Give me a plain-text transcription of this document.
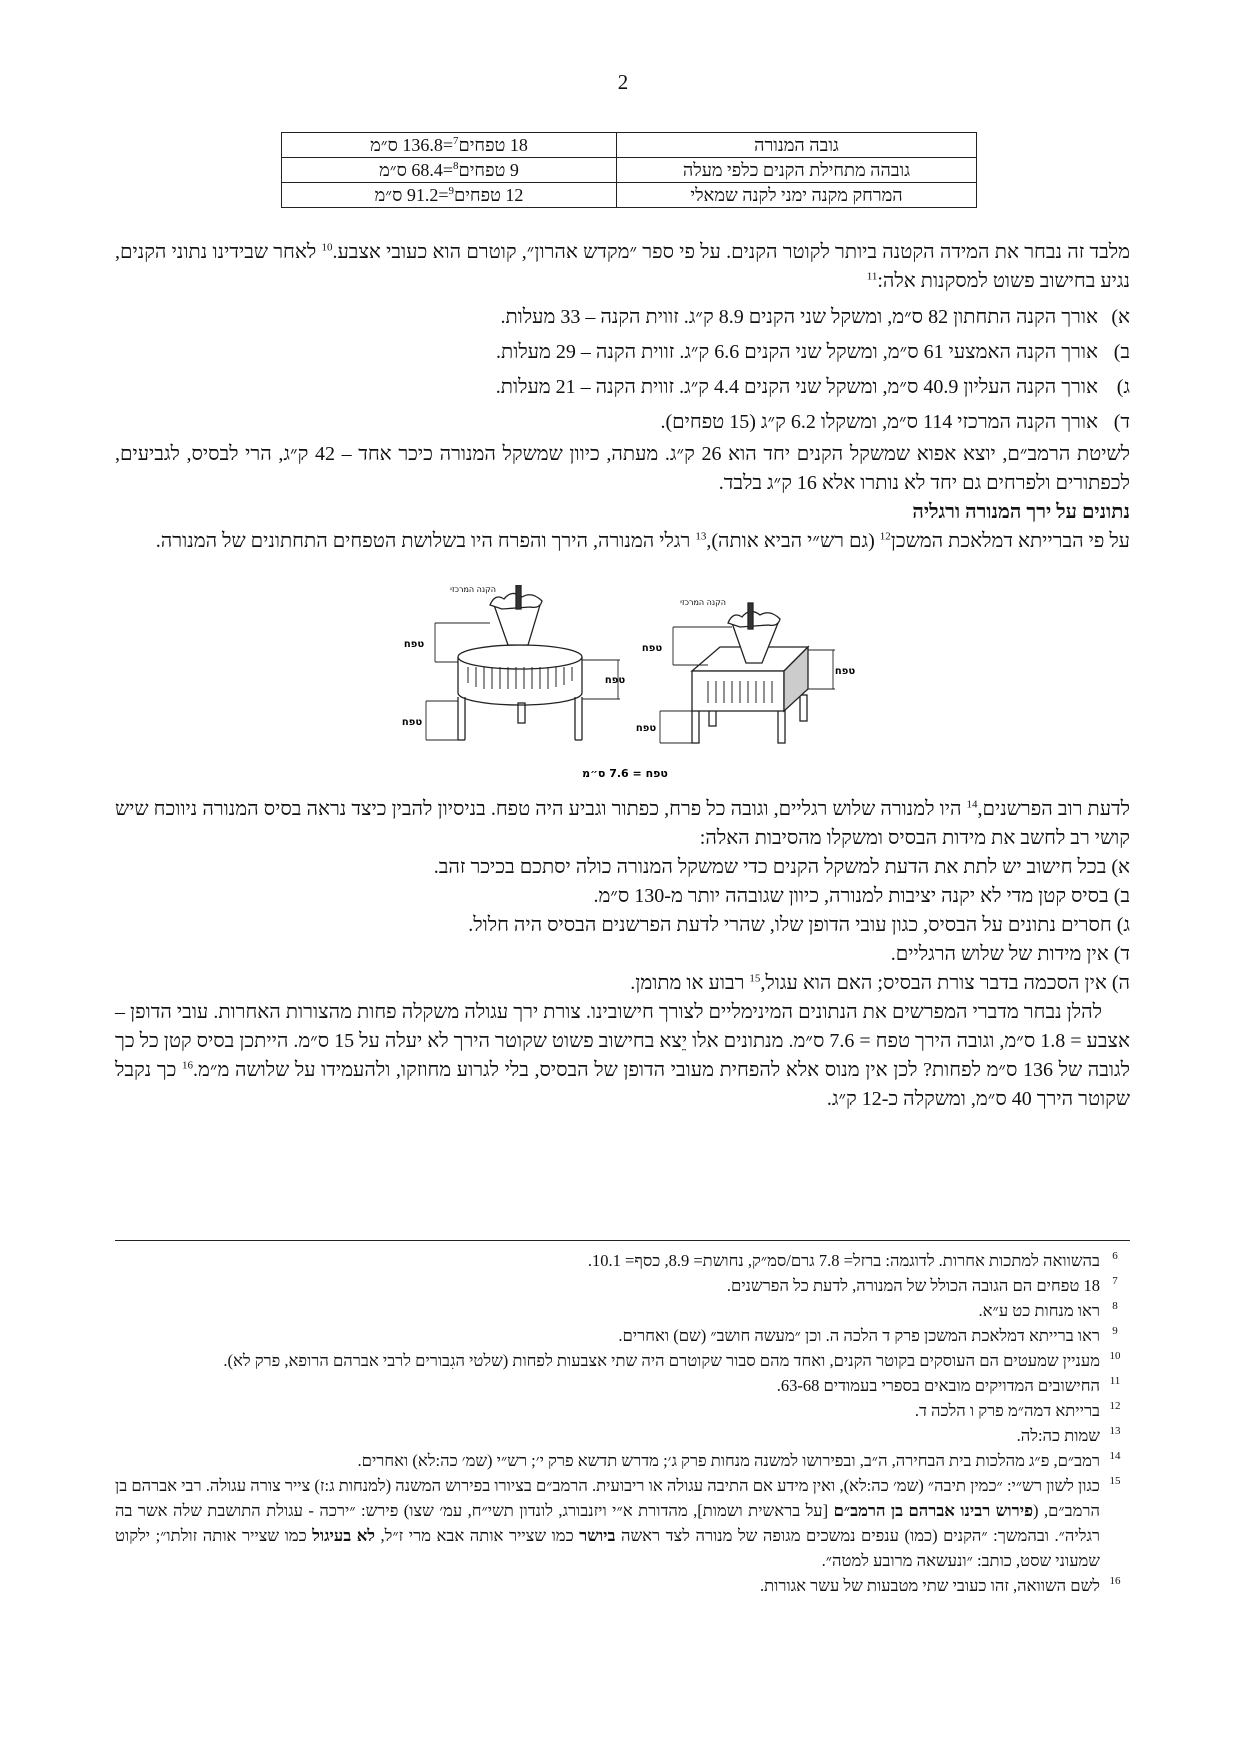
2
גובה המנורה	18 טפחים$^7$=136.8 ס״מ
גובהה מתחילת הקנים כלפי מעלה	9 טפחים$^8$=68.4 ס״מ
המרחק מקנה ימני לקנה שמאלי	12 טפחים$^9$=91.2 ס״מ

מלבד זה נבחר את המידה הקטנה ביותר לקוטר הקנים. על פי ספר ״מקדש אהרון״, קוטרם הוא כעובי אצבע.$^{10}$ לאחר שבידינו נתוני הקנים, נגיע בחישוב פשוט למסקנות אלה:$^{11}$

א)אורך הקנה התחתון 82 ס״מ, ומשקל שני הקנים 8.9 ק״ג. זווית הקנה – 33 מעלות.

ב)אורך הקנה האמצעי 61 ס״מ, ומשקל שני הקנים 6.6 ק״ג. זווית הקנה – 29 מעלות.

ג)אורך הקנה העליון 40.9 ס״מ, ומשקל שני הקנים 4.4 ק״ג. זווית הקנה – 21 מעלות.

ד)אורך הקנה המרכזי 114 ס״מ, ומשקלו 6.2 ק״ג (15 טפחים).

לשיטת הרמב״ם, יוצא אפוא שמשקל הקנים יחד הוא 26 ק״ג. מעתה, כיוון שמשקל המנורה כיכר אחד – 42 ק״ג, הרי לבסיס, לגביעים, לכפתורים ולפרחים גם יחד לא נותרו אלא 16 ק״ג בלבד.

נתונים על ירך המנורה ורגליה

על פי הברייתא דמלאכת המשכן$^{12}$ (גם רש״י הביא אותה),$^{13}$ רגלי המנורה, הירך והפרח היו בשלושת הטפחים התחתונים של המנורה.

הקנה המרכזי
טפח
טפח
טפח
הקנה המרכזי
טפח
טפח
טפח
טפח = 7.6 ס״מ

לדעת רוב הפרשנים,$^{14}$ היו למנורה שלוש רגליים, וגובה כל פרח, כפתור וגביע היה טפח. בניסיון להבין כיצד נראה בסיס המנורה ניווכח שיש קושי רב לחשב את מידות הבסיס ומשקלו מהסיבות האלה:

א) בכל חישוב יש לתת את הדעת למשקל הקנים כדי שמשקל המנורה כולה יסתכם בכיכר זהב.

ב) בסיס קטן מדי לא יקנה יציבות למנורה, כיוון שגובהה יותר מ-130 ס״מ.

ג) חסרים נתונים על הבסיס, כגון עובי הדופן שלו, שהרי לדעת הפרשנים הבסיס היה חלול.

ד) אין מידות של שלוש הרגליים.

ה) אין הסכמה בדבר צורת הבסיס; האם הוא עגול,$^{15}$ רבוע או מתומן.

להלן נבחר מדברי המפרשים את הנתונים המינימליים לצורך חישובינו. צורת ירך עגולה משקלה פחות מהצורות האחרות. עובי הדופן – אצבע = 1.8 ס״מ, וגובה הירך טפח = 7.6 ס״מ. מנתונים אלו יֵצא בחישוב פשוט שקוטר הירך לא יעלה על 15 ס״מ. הייתכן בסיס קטן כל כך לגובה של 136 ס״מ לפחות? לכן אין מנוס אלא להפחית מעובי הדופן של הבסיס, בלי לגרוע מחוזקו, ולהעמידו על שלושה מ״מ.$^{16}$ כך נקבל שקוטר הירך 40 ס״מ, ומשקלה כ-12 ק״ג.

6
בהשוואה למתכות אחרות. לדוגמה: ברזל= 7.8 גרם/סמ״ק, נחושת= 8.9, כסף= 10.1.
7
18 טפחים הם הגובה הכולל של המנורה, לדעת כל הפרשנים.
8
ראו מנחות כט ע״א.
9
ראו ברייתא דמלאכת המשכן פרק ד הלכה ה. וכן ״מעשה חושב״ (שם) ואחרים.
10
מעניין שמעטים הם העוסקים בקוטר הקנים, ואחד מהם סבור שקוטרם היה שתי אצבעות לפחות (שלטי הגִבורים לרבי אברהם הרופא, פרק לא).
11
החישובים המדויקים מובאים בספרי בעמודים 63-68.
12
ברייתא דמה״מ פרק ו הלכה ד.
13
שמות כה:לה.
14
רמב״ם, פ״ג מהלכות בית הבחירה, ה״ב, ובפירושו למשנה מנחות פרק ג׳; מדרש תדשא פרק י׳; רש״י (שמ׳ כה:לא) ואחרים.
15
כגון לשון רש״י: ״כמין תיבה״ (שמ׳ כה:לא), ואין מידע אם התיבה עגולה או ריבועית. הרמב״ם בציורו בפירוש המשנה (למנחות ג:ז) צייר צורה עגולה. רבי אברהם בן הרמב״ם, (פירוש רבינו אברהם בן הרמב״ם [על בראשית ושמות], מהדורת א״י ויזנבורג, לונדון תשי״ח, עמ׳ שצו) פירש: ״ירכה - עגולת התושבת שלה אשר בה רגליה״. ובהמשך: ״הקנים (כמו) ענפים נמשכים מגופה של מנורה לצד ראשה ביושר כמו שצייר אותה אבא מרי ז״ל, לא בעיגול כמו שצייר אותה זולתו״; ילקוט שמעוני שסט, כותב: ״ונעשאה מרובע למטה״.
16
לשם השוואה, זהו כעובי שתי מטבעות של עשר אגורות.
